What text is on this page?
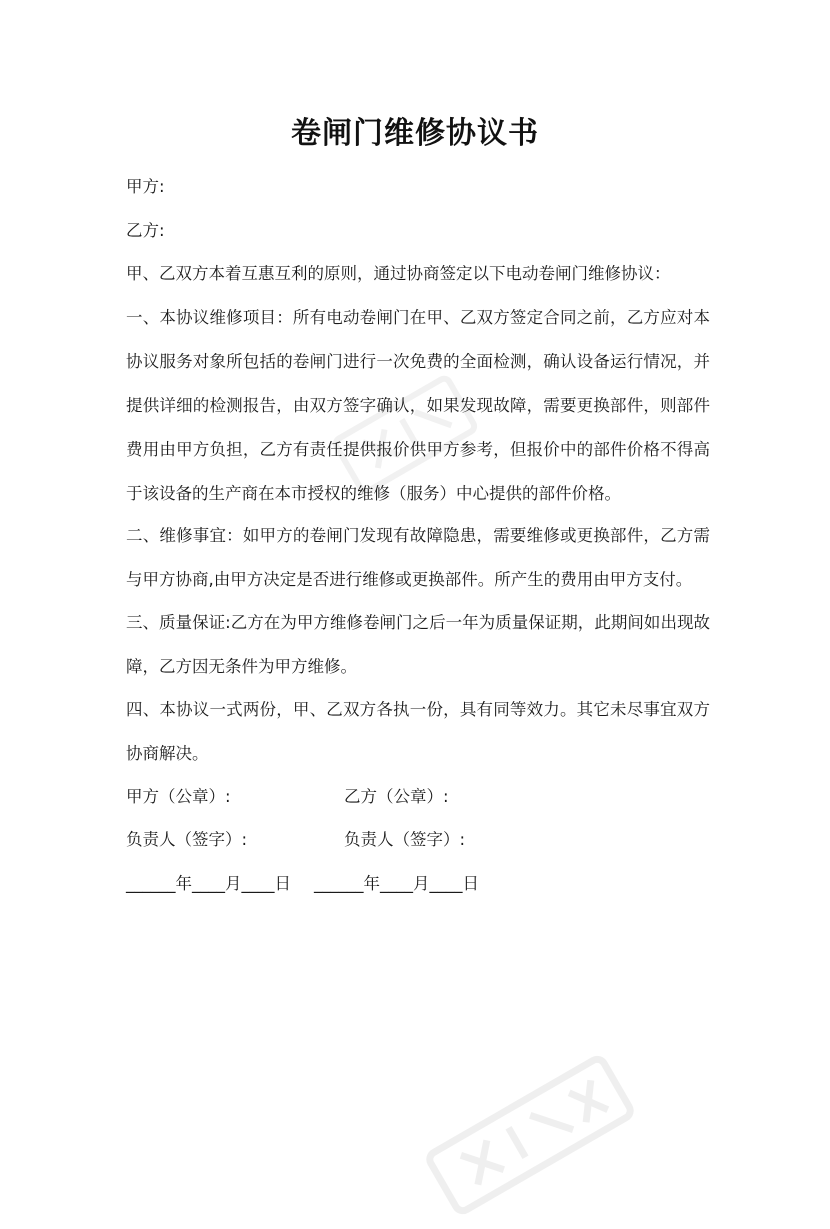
卷闸门维修协议书
甲方:
乙方:
甲、乙双方本着互惠互利的原则，通过协商签定以下电动卷闸门维修协议：
一、本协议维修项目：所有电动卷闸门在甲、乙双方签定合同之前，乙方应对本协议服务对象所包括的卷闸门进行一次免费的全面检测，确认设备运行情况，并提供详细的检测报告，由双方签字确认，如果发现故障，需要更换部件，则部件费用由甲方负担，乙方有责任提供报价供甲方参考，但报价中的部件价格不得高于该设备的生产商在本市授权的维修（服务）中心提供的部件价格。
二、维修事宜：如甲方的卷闸门发现有故障隐患，需要维修或更换部件，乙方需与甲方协商,由甲方决定是否进行维修或更换部件。所产生的费用由甲方支付。
三、质量保证:乙方在为甲方维修卷闸门之后一年为质量保证期，此期间如出现故障，乙方因无条件为甲方维修。
四、本协议一式两份，甲、乙双方各执一份，具有同等效力。其它未尽事宜双方协商解决。
甲方（公章）:	乙方（公章）:
负责人（签字）:	负责人（签字）:
______年____月____日 ______年____月____日
